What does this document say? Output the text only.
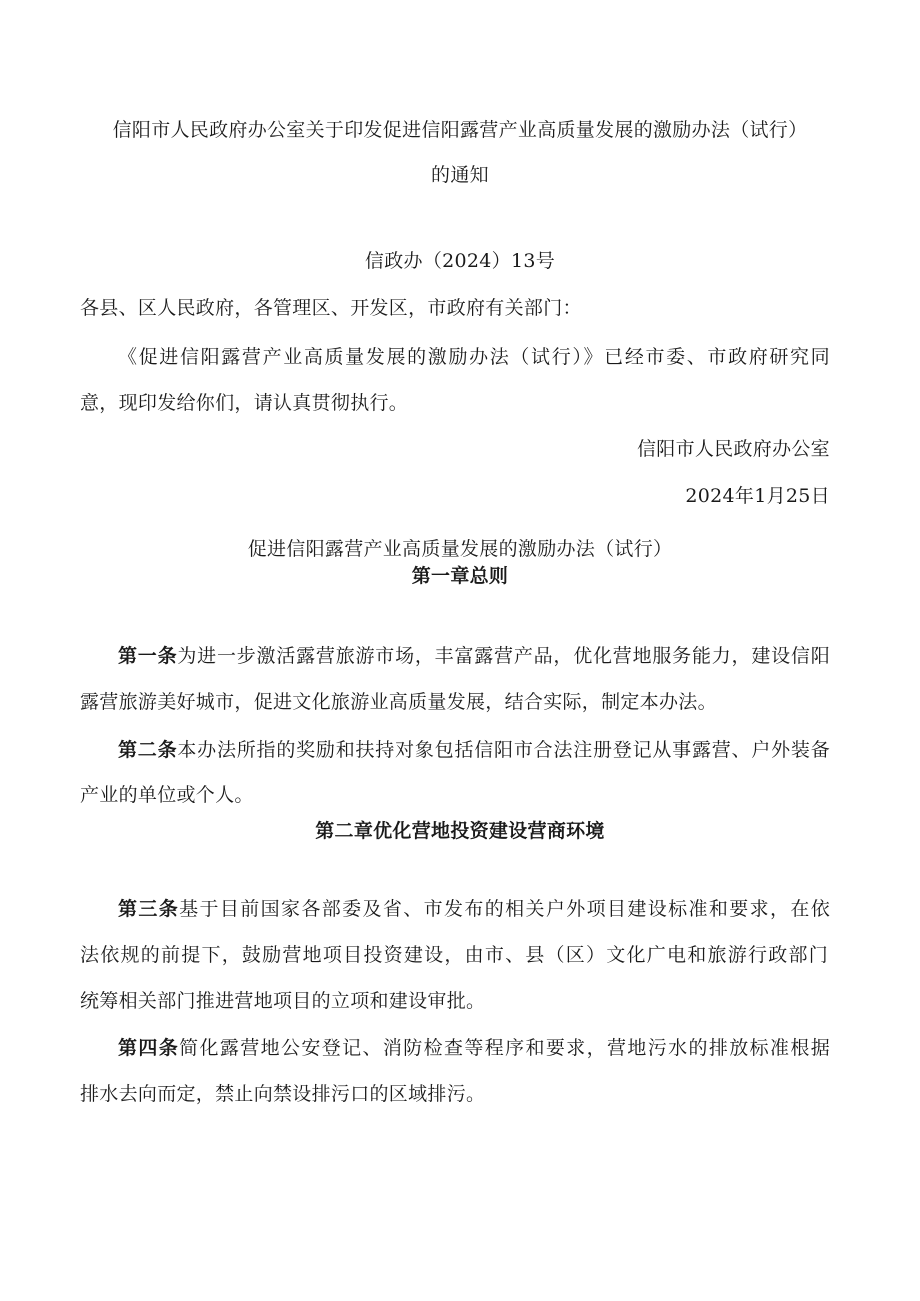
信阳市人民政府办公室关于印发促进信阳露营产业高质量发展的激励办法（试行）
的通知
信政办（2024）13号
各县、区人民政府，各管理区、开发区，市政府有关部门：
《促进信阳露营产业高质量发展的激励办法（试行）》已经市委、市政府研究同
意，现印发给你们，请认真贯彻执行。
信阳市人民政府办公室
2024年1月25日
促进信阳露营产业高质量发展的激励办法（试行）
第一章总则
第一条为进一步激活露营旅游市场，丰富露营产品，优化营地服务能力，建设信阳
露营旅游美好城市，促进文化旅游业高质量发展，结合实际，制定本办法。
第二条本办法所指的奖励和扶持对象包括信阳市合法注册登记从事露营、户外装备
产业的单位或个人。
第二章优化营地投资建设营商环境
第三条基于目前国家各部委及省、市发布的相关户外项目建设标准和要求，在依
法依规的前提下，鼓励营地项目投资建设，由市、县（区）文化广电和旅游行政部门
统筹相关部门推进营地项目的立项和建设审批。
第四条简化露营地公安登记、消防检查等程序和要求，营地污水的排放标准根据
排水去向而定，禁止向禁设排污口的区域排污。
